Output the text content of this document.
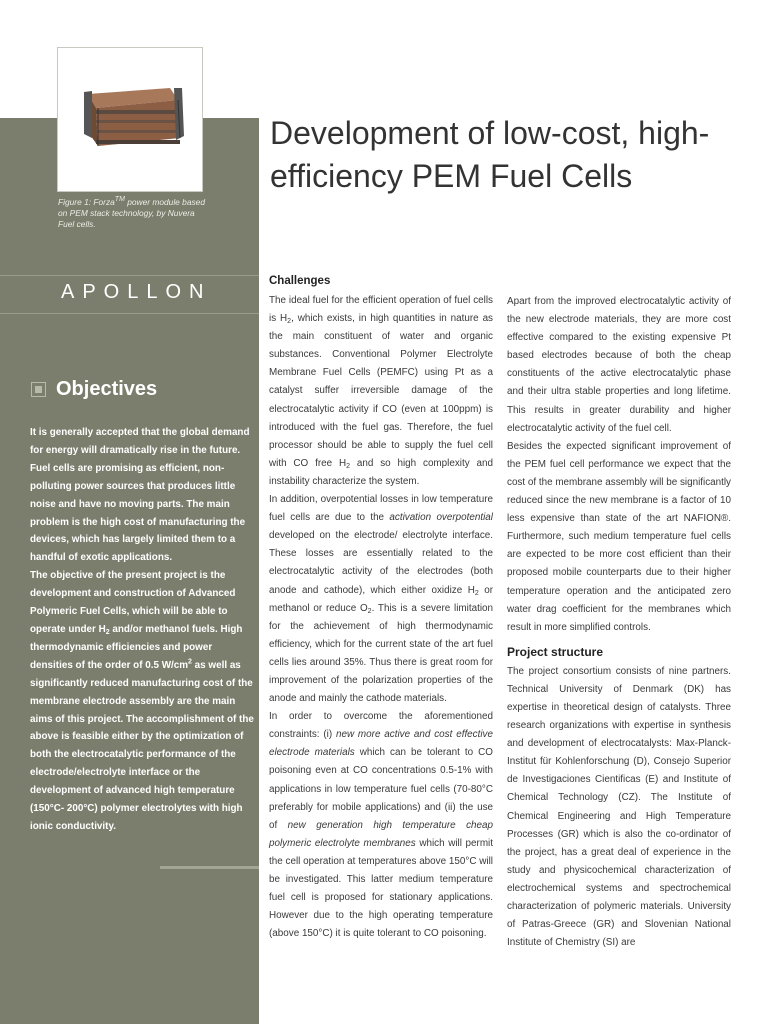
Figure 1: Forza™ power module based on PEM stack technology, by Nuvera Fuel cells.
APOLLON
Objectives

It is generally accepted that the global demand for energy will dramatically rise in the future. Fuel cells are promising as efficient, non-polluting power sources that produces little noise and have no moving parts. The main problem is the high cost of manufacturing the devices, which has largely limited them to a handful of exotic applications.

The objective of the present project is the development and construction of Advanced Polymeric Fuel Cells, which will be able to operate under $H_2$ and/or methanol fuels. High thermodynamic efficiencies and power densities of the order of 0.5 $W/cm^2$ as well as significantly reduced manufacturing cost of the membrane electrode assembly are the main aims of this project. The accomplishment of the above is feasible either by the optimization of both the electrocatalytic performance of the electrode/electrolyte interface or the development of advanced high temperature (150°C- 200°C) polymer electrolytes with high ionic conductivity.

Development of low-cost, high-efficiency PEM Fuel Cells
Challenges

The ideal fuel for the efficient operation of fuel cells is $H_2$, which exists, in high quantities in nature as the main constituent of water and organic substances. Conventional Polymer Electrolyte Membrane Fuel Cells (PEMFC) using Pt as a catalyst suffer irreversible damage of the electrocatalytic activity if CO (even at 100ppm) is introduced with the fuel gas. Therefore, the fuel processor should be able to supply the fuel cell with CO free $H_2$ and so high complexity and instability characterize the system.

In addition, overpotential losses in low temperature fuel cells are due to the activation overpotential developed on the electrode/ electrolyte interface. These losses are essentially related to the electrocatalytic activity of the electrodes (both anode and cathode), which either oxidize $H_2$ or methanol or reduce $O_2$. This is a severe limitation for the achievement of high thermodynamic efficiency, which for the current state of the art fuel cells lies around 35%. Thus there is great room for improvement of the polarization properties of the anode and mainly the cathode materials.

In order to overcome the aforementioned constraints: (i) new more active and cost effective electrode materials which can be tolerant to CO poisoning even at CO concentrations 0.5-1% with applications in low temperature fuel cells (70-80°C preferably for mobile applications) and (ii) the use of new generation high temperature cheap polymeric electrolyte membranes which will permit the cell operation at temperatures above 150°C will be investigated. This latter medium temperature fuel cell is proposed for stationary applications. However due to the high operating temperature (above 150°C) it is quite tolerant to CO poisoning.

Apart from the improved electrocatalytic activity of the new electrode materials, they are more cost effective compared to the existing expensive Pt based electrodes because of both the cheap constituents of the active electrocatalytic phase and their ultra stable properties and long lifetime. This results in greater durability and higher electrocatalytic activity of the fuel cell.

Besides the expected significant improvement of the PEM fuel cell performance we expect that the cost of the membrane assembly will be significantly reduced since the new membrane is a factor of 10 less expensive than state of the art NAFION®. Furthermore, such medium temperature fuel cells are expected to be more cost efficient than their proposed mobile counterparts due to their higher temperature operation and the anticipated zero water drag coefficient for the membranes which result in more simplified controls.

Project structure

The project consortium consists of nine partners. Technical University of Denmark (DK) has expertise in theoretical design of catalysts. Three research organizations with expertise in synthesis and development of electrocatalysts: Max-Planck-Institut für Kohlenforschung (D), Consejo Superior de Investigaciones Cientificas (E) and Institute of Chemical Technology (CZ). The Institute of Chemical Engineering and High Temperature Processes (GR) which is also the co-ordinator of the project, has a great deal of experience in the study and physicochemical characterization of electrochemical systems and spectrochemical characterization of polymeric materials. University of Patras-Greece (GR) and Slovenian National Institute of Chemistry (SI) are
